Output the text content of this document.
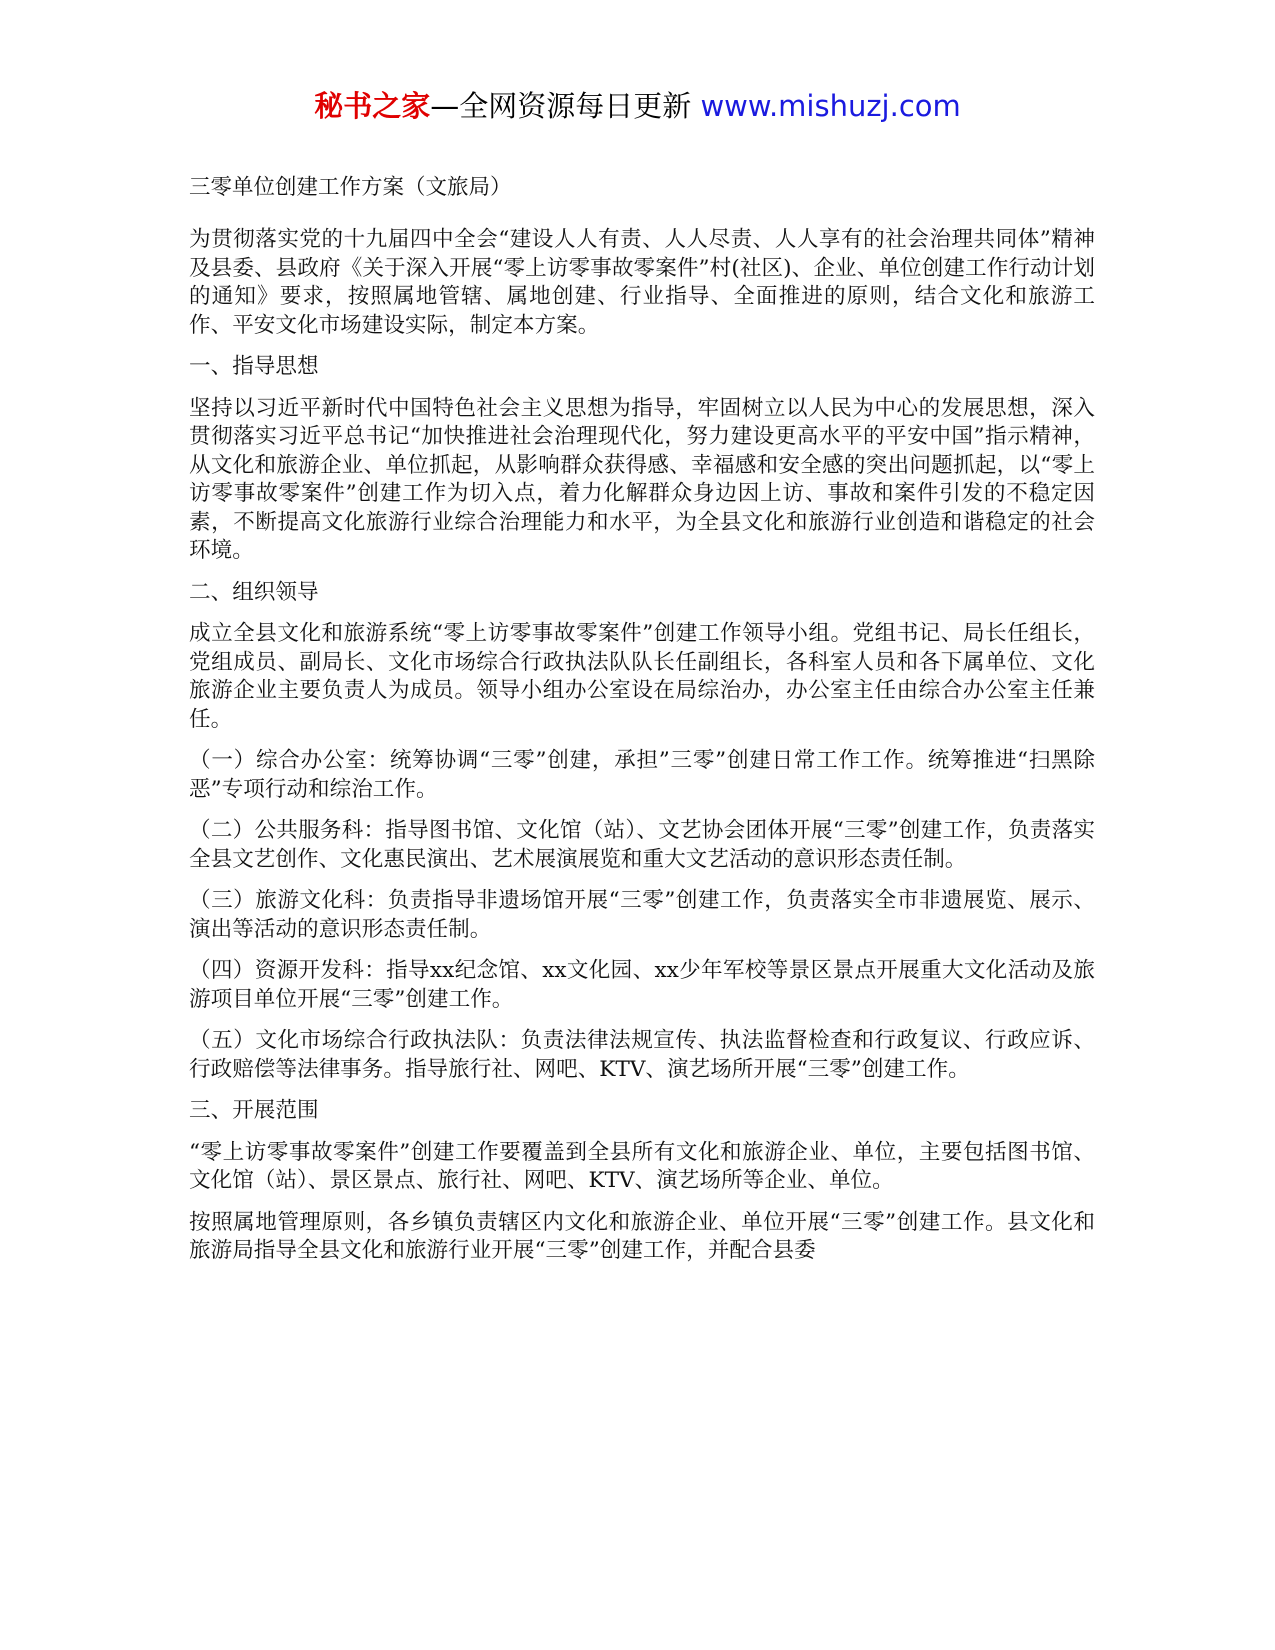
秘书之家—全网资源每日更新 www.mishuzj.com
三零单位创建工作方案（文旅局）

为贯彻落实党的十九届四中全会“建设人人有责、人人尽责、人人享有的社会治理共同体”精神及县委、县政府《关于深入开展“零上访零事故零案件”村(社区)、企业、单位创建工作行动计划的通知》要求，按照属地管辖、属地创建、行业指导、全面推进的原则，结合文化和旅游工作、平安文化市场建设实际，制定本方案。

一、指导思想

坚持以习近平新时代中国特色社会主义思想为指导，牢固树立以人民为中心的发展思想，深入贯彻落实习近平总书记“加快推进社会治理现代化，努力建设更高水平的平安中国”指示精神，从文化和旅游企业、单位抓起，从影响群众获得感、幸福感和安全感的突出问题抓起，以“零上访零事故零案件”创建工作为切入点，着力化解群众身边因上访、事故和案件引发的不稳定因素，不断提高文化旅游行业综合治理能力和水平，为全县文化和旅游行业创造和谐稳定的社会环境。

二、组织领导

成立全县文化和旅游系统“零上访零事故零案件”创建工作领导小组。党组书记、局长任组长，党组成员、副局长、文化市场综合行政执法队队长任副组长，各科室人员和各下属单位、文化旅游企业主要负责人为成员。领导小组办公室设在局综治办，办公室主任由综合办公室主任兼任。

（一）综合办公室：统筹协调“三零”创建，承担”三零”创建日常工作工作。统筹推进“扫黑除恶”专项行动和综治工作。

（二）公共服务科：指导图书馆、文化馆（站）、文艺协会团体开展“三零”创建工作，负责落实全县文艺创作、文化惠民演出、艺术展演展览和重大文艺活动的意识形态责任制。

（三）旅游文化科：负责指导非遗场馆开展“三零”创建工作，负责落实全市非遗展览、展示、演出等活动的意识形态责任制。

（四）资源开发科：指导xx纪念馆、xx文化园、xx少年军校等景区景点开展重大文化活动及旅游项目单位开展“三零”创建工作。

（五）文化市场综合行政执法队：负责法律法规宣传、执法监督检查和行政复议、行政应诉、行政赔偿等法律事务。指导旅行社、网吧、KTV、演艺场所开展“三零”创建工作。

三、开展范围

“零上访零事故零案件”创建工作要覆盖到全县所有文化和旅游企业、单位，主要包括图书馆、文化馆（站）、景区景点、旅行社、网吧、KTV、演艺场所等企业、单位。

按照属地管理原则，各乡镇负责辖区内文化和旅游企业、单位开展“三零”创建工作。县文化和旅游局指导全县文化和旅游行业开展“三零”创建工作，并配合县委
